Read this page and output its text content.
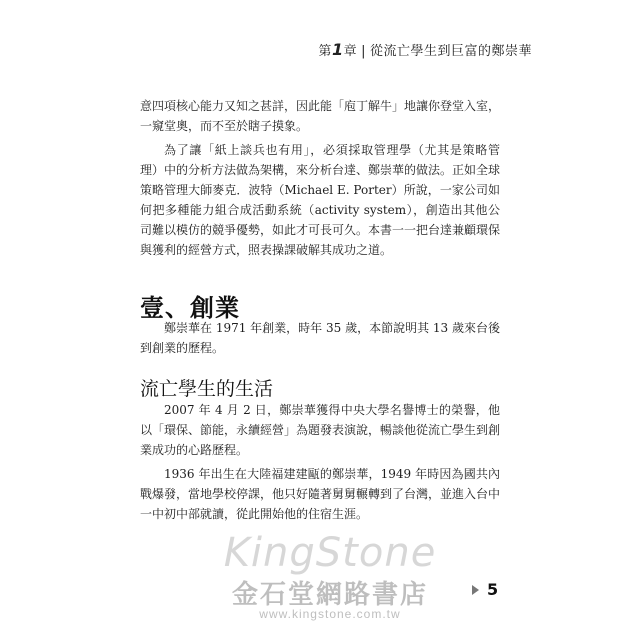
第1章 | 從流亡學生到巨富的鄭崇華

意四項核心能力又知之甚詳，因此能「庖丁解牛」地讓你登堂入室，一窺堂奧，而不至於瞎子摸象。

為了讓「紙上談兵也有用」，必須採取管理學（尤其是策略管理）中的分析方法做為架構，來分析台達、鄭崇華的做法。正如全球策略管理大師麥克．波特（Michael E. Porter）所說，一家公司如何把多種能力組合成活動系統（activity system），創造出其他公司難以模仿的競爭優勢，如此才可長可久。本書一一把台達兼顧環保與獲利的經營方式，照表操課破解其成功之道。

壹、創業

鄭崇華在 1971 年創業，時年 35 歲，本節說明其 13 歲來台後到創業的歷程。

流亡學生的生活

2007 年 4 月 2 日，鄭崇華獲得中央大學名譽博士的榮譽，他以「環保、節能，永續經營」為題發表演說，暢談他從流亡學生到創業成功的心路歷程。

1936 年出生在大陸福建建甌的鄭崇華，1949 年時因為國共內戰爆發，當地學校停課，他只好隨著舅舅輾轉到了台灣，並進入台中一中初中部就讀，從此開始他的住宿生涯。

KingStone
金石堂網路書店
www.kingstone.com.tw
5
